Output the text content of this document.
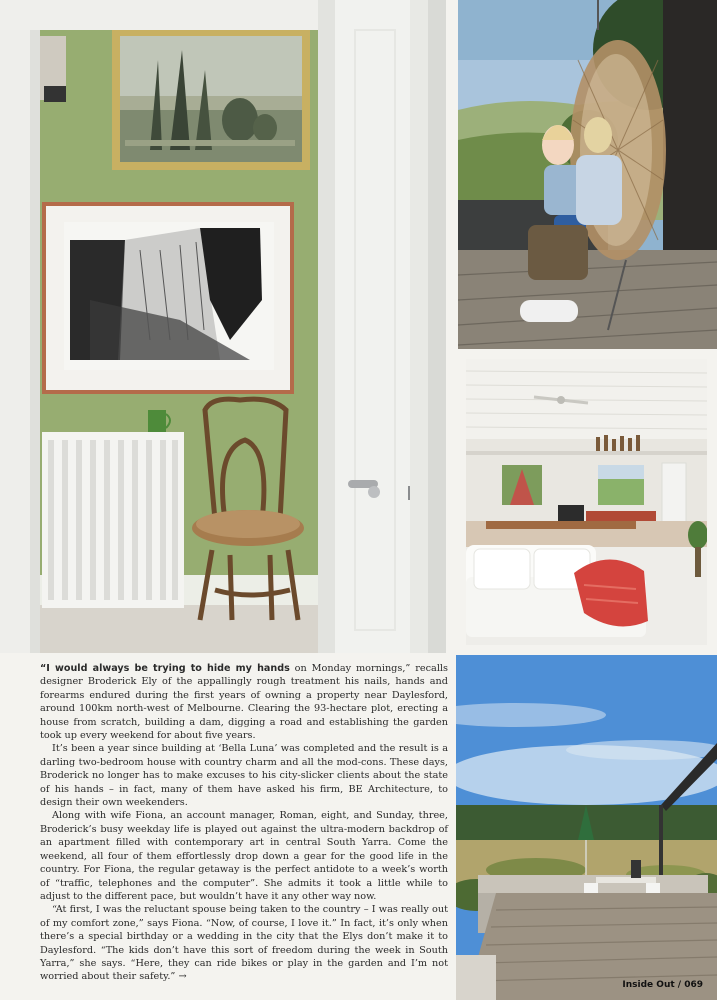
“I would always be trying to hide my hands on Monday mornings,” recalls designer Broderick Ely of the appallingly rough treatment his nails, hands and forearms endured during the first years of owning a property near Daylesford, around 100km north-west of Melbourne. Clearing the 93-hectare plot, erecting a house from scratch, building a dam, digging a road and establishing the garden took up every weekend for about five years.

It’s been a year since building at ‘Bella Luna’ was completed and the result is a darling two-bedroom house with country charm and all the mod-cons. These days, Broderick no longer has to make excuses to his city-slicker clients about the state of his hands – in fact, many of them have asked his firm, BE Architecture, to design their own weekenders.

Along with wife Fiona, an account manager, Roman, eight, and Sunday, three, Broderick’s busy weekday life is played out against the ultra-modern backdrop of an apartment filled with contemporary art in central South Yarra. Come the weekend, all four of them effortlessly drop down a gear for the good life in the country. For Fiona, the regular getaway is the perfect antidote to a week’s worth of “traffic, telephones and the computer”. She admits it took a little while to adjust to the different pace, but wouldn’t have it any other way now.

“At first, I was the reluctant spouse being taken to the country – I was really out of my comfort zone,” says Fiona. “Now, of course, I love it.” In fact, it’s only when there’s a special birthday or a wedding in the city that the Elys don’t make it to Daylesford. “The kids don’t have this sort of freedom during the week in South Yarra,” she says. “Here, they can ride bikes or play in the garden and I’m not worried about their safety.” →

Inside Out / 069
